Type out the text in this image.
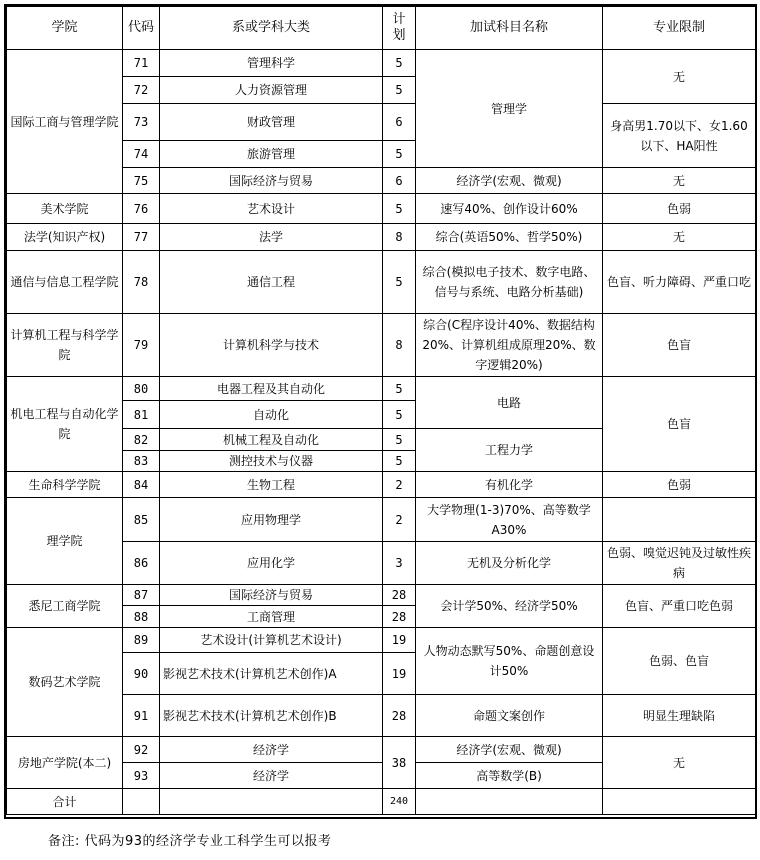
学院	代码	系或学科大类	计划	加试科目名称	专业限制
国际工商与管理学院	71	管理科学	5	管理学	无
	72	人力资源管理	5		
	73	财政管理	6		身高男1.70以下、女1.60以下、HA阳性
	74	旅游管理	5		
	75	国际经济与贸易	6	经济学(宏观、微观)	无
美术学院	76	艺术设计	5	速写40%、创作设计60%	色弱
法学(知识产权)	77	法学	8	综合(英语50%、哲学50%)	无
通信与信息工程学院	78	通信工程	5	综合(模拟电子技术、数字电路、信号与系统、电路分析基础)	色盲、听力障碍、严重口吃
计算机工程与科学学院	79	计算机科学与技术	8	综合(C程序设计40%、数据结构20%、计算机组成原理20%、数字逻辑20%)	色盲
机电工程与自动化学院	80	电器工程及其自动化	5	电路	色盲
	81	自动化	5		
	82	机械工程及自动化	5	工程力学	
	83	测控技术与仪器	5		
生命科学学院	84	生物工程	2	有机化学	色弱
理学院	85	应用物理学	2	大学物理(1-3)70%、高等数学A30%	
	86	应用化学	3	无机及分析化学	色弱、嗅觉迟钝及过敏性疾病
悉尼工商学院	87	国际经济与贸易	28	会计学50%、经济学50%	色盲、严重口吃色弱
	88	工商管理	28		
数码艺术学院	89	艺术设计(计算机艺术设计)	19	人物动态默写50%、命题创意设计50%	色弱、色盲
	90	影视艺术技术(计算机艺术创作)A	19		
	91	影视艺术技术(计算机艺术创作)B	28	命题文案创作	明显生理缺陷
房地产学院(本二)	92	经济学	38	经济学(宏观、微观)	无
	93	经济学		高等数学(B)	
合计			240		
备注: 代码为93的经济学专业工科学生可以报考
